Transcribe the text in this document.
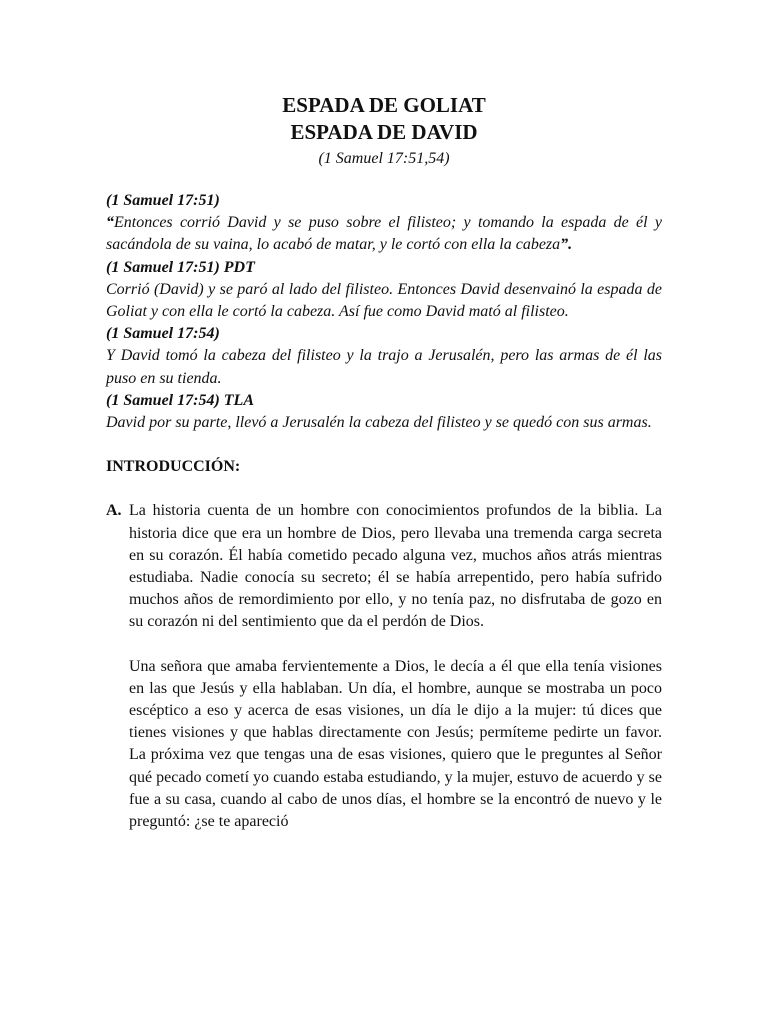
ESPADA DE GOLIAT

ESPADA DE DAVID

(1 Samuel 17:51,54)

(1 Samuel 17:51)

“Entonces corrió David y se puso sobre el filisteo; y tomando la espada de él y sacándola de su vaina, lo acabó de matar, y le cortó con ella la cabeza”.

(1 Samuel 17:51) PDT

Corrió (David) y se paró al lado del filisteo. Entonces David desenvainó la espada de Goliat y con ella le cortó la cabeza. Así fue como David mató al filisteo.

(1 Samuel 17:54)

Y David tomó la cabeza del filisteo y la trajo a Jerusalén, pero las armas de él las puso en su tienda.

(1 Samuel 17:54) TLA

David por su parte, llevó a Jerusalén la cabeza del filisteo y se quedó con sus armas.

INTRODUCCIÓN:

A. La historia cuenta de un hombre con conocimientos profundos de la biblia. La historia dice que era un hombre de Dios, pero llevaba una tremenda carga secreta en su corazón. Él había cometido pecado alguna vez, muchos años atrás mientras estudiaba. Nadie conocía su secreto; él se había arrepentido, pero había sufrido muchos años de remordimiento por ello, y no tenía paz, no disfrutaba de gozo en su corazón ni del sentimiento que da el perdón de Dios.

Una señora que amaba fervientemente a Dios, le decía a él que ella tenía visiones en las que Jesús y ella hablaban. Un día, el hombre, aunque se mostraba un poco escéptico a eso y acerca de esas visiones, un día le dijo a la mujer: tú dices que tienes visiones y que hablas directamente con Jesús; permíteme pedirte un favor. La próxima vez que tengas una de esas visiones, quiero que le preguntes al Señor qué pecado cometí yo cuando estaba estudiando, y la mujer, estuvo de acuerdo y se fue a su casa, cuando al cabo de unos días, el hombre se la encontró de nuevo y le preguntó: ¿se te apareció
